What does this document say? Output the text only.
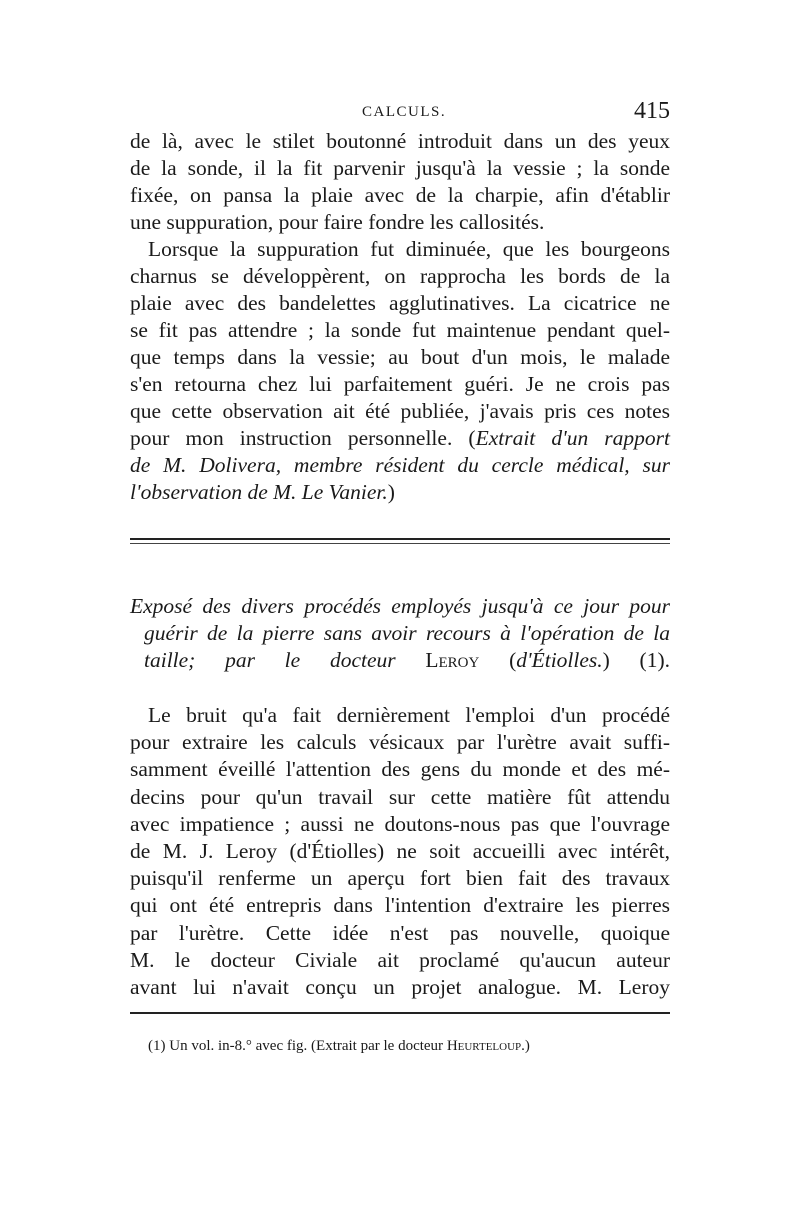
CALCULS.	415
de là, avec le stilet boutonné introduit dans un des yeux
de la sonde, il la fit parvenir jusqu'à la vessie ; la sonde
fixée, on pansa la plaie avec de la charpie, afin d'établir
une suppuration, pour faire fondre les callosités.
Lorsque la suppuration fut diminuée, que les bourgeons
charnus se développèrent, on rapprocha les bords de la
plaie avec des bandelettes agglutinatives. La cicatrice ne
se fit pas attendre ; la sonde fut maintenue pendant quel-
que temps dans la vessie; au bout d'un mois, le malade
s'en retourna chez lui parfaitement guéri. Je ne crois pas
que cette observation ait été publiée, j'avais pris ces notes
pour mon instruction personnelle. (Extrait d'un rapport
de M. Dolivera, membre résident du cercle médical, sur
l'observation de M. Le Vanier.)
Exposé des divers procédés employés jusqu'à ce jour pour
guérir de la pierre sans avoir recours à l'opération de la
taille; par le docteur Leroy (d'Étiolles.) (1).
Le bruit qu'a fait dernièrement l'emploi d'un procédé
pour extraire les calculs vésicaux par l'urètre avait suffi-
samment éveillé l'attention des gens du monde et des mé-
decins pour qu'un travail sur cette matière fût attendu
avec impatience ; aussi ne doutons-nous pas que l'ouvrage
de M. J. Leroy (d'Étiolles) ne soit accueilli avec intérêt,
puisqu'il renferme un aperçu fort bien fait des travaux
qui ont été entrepris dans l'intention d'extraire les pierres
par l'urètre. Cette idée n'est pas nouvelle, quoique
M. le docteur Civiale ait proclamé qu'aucun auteur
avant lui n'avait conçu un projet analogue. M. Leroy
(1) Un vol. in-8.° avec fig. (Extrait par le docteur Heurteloup.)
